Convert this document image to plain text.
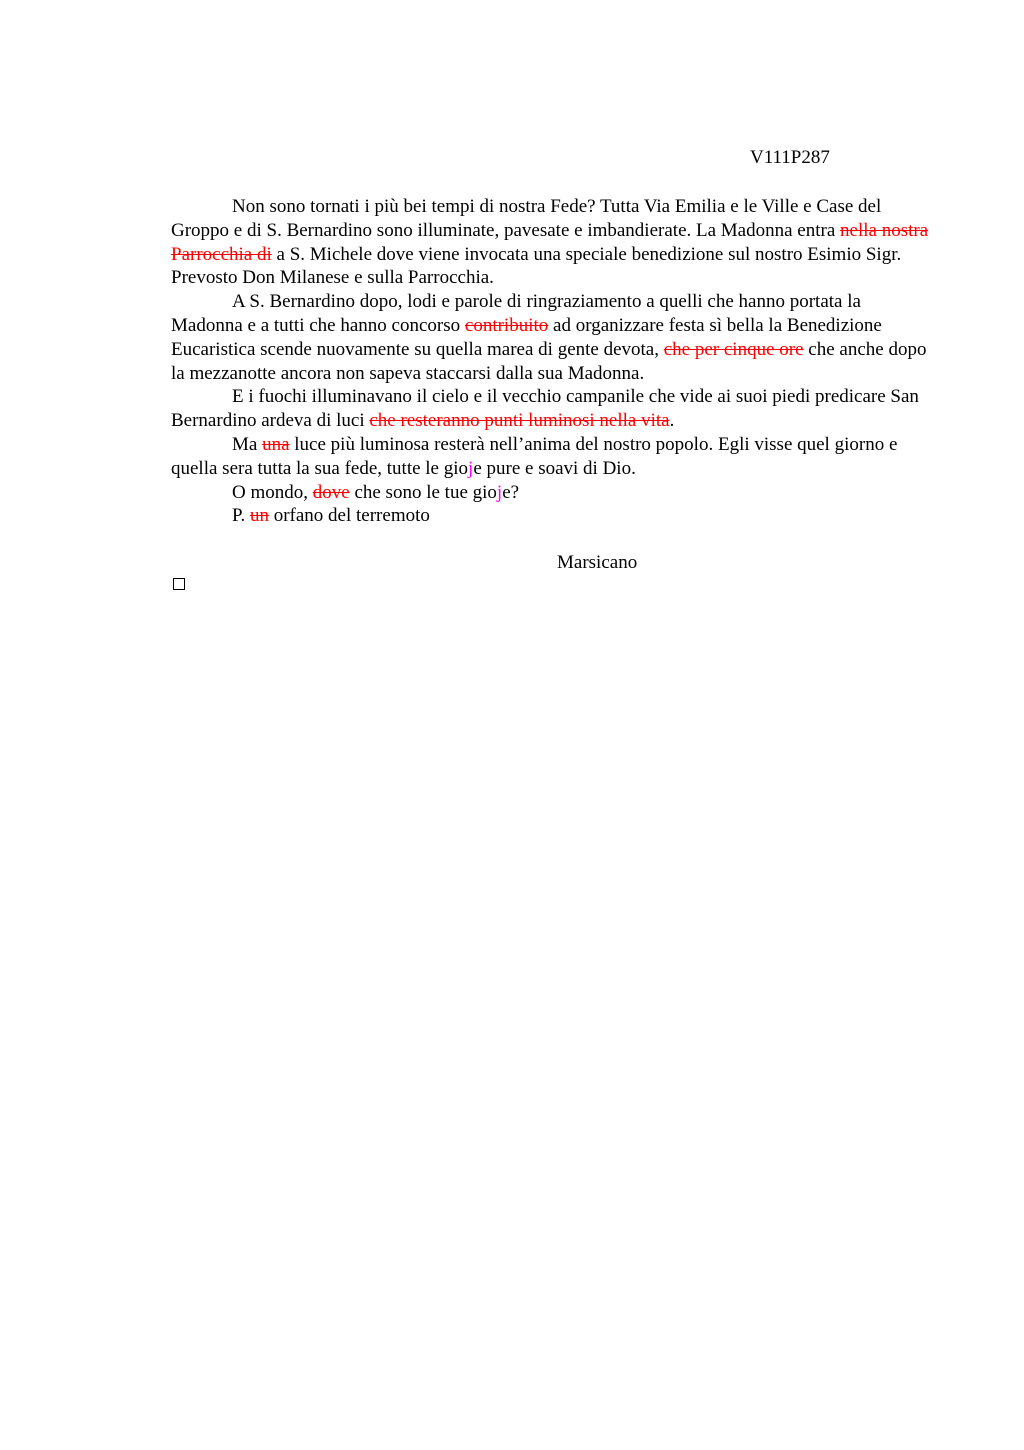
V111P287

Non sono tornati i più bei tempi di nostra Fede? Tutta Via Emilia e le Ville e Case del Groppo e di S. Bernardino sono illuminate, pavesate e imbandierate. La Madonna entra nella nostra Parrocchia di a S. Michele dove viene invocata una speciale benedizione sul nostro Esimio Sigr. Prevosto Don Milanese e sulla Parrocchia.

A S. Bernardino dopo, lodi e parole di ringraziamento a quelli che hanno portata la Madonna e a tutti che hanno concorso contribuito ad organizzare festa sì bella la Benedizione Eucaristica scende nuovamente su quella marea di gente devota, che per cinque ore che anche dopo la mezzanotte ancora non sapeva staccarsi dalla sua Madonna.

E i fuochi illuminavano il cielo e il vecchio campanile che vide ai suoi piedi predicare San Bernardino ardeva di luci che resteranno punti luminosi nella vita.

Ma una luce più luminosa resterà nell’anima del nostro popolo. Egli visse quel giorno e quella sera tutta la sua fede, tutte le gioje pure e soavi di Dio.

O mondo, dove che sono le tue gioje?

P. un orfano del terremoto

Marsicano
